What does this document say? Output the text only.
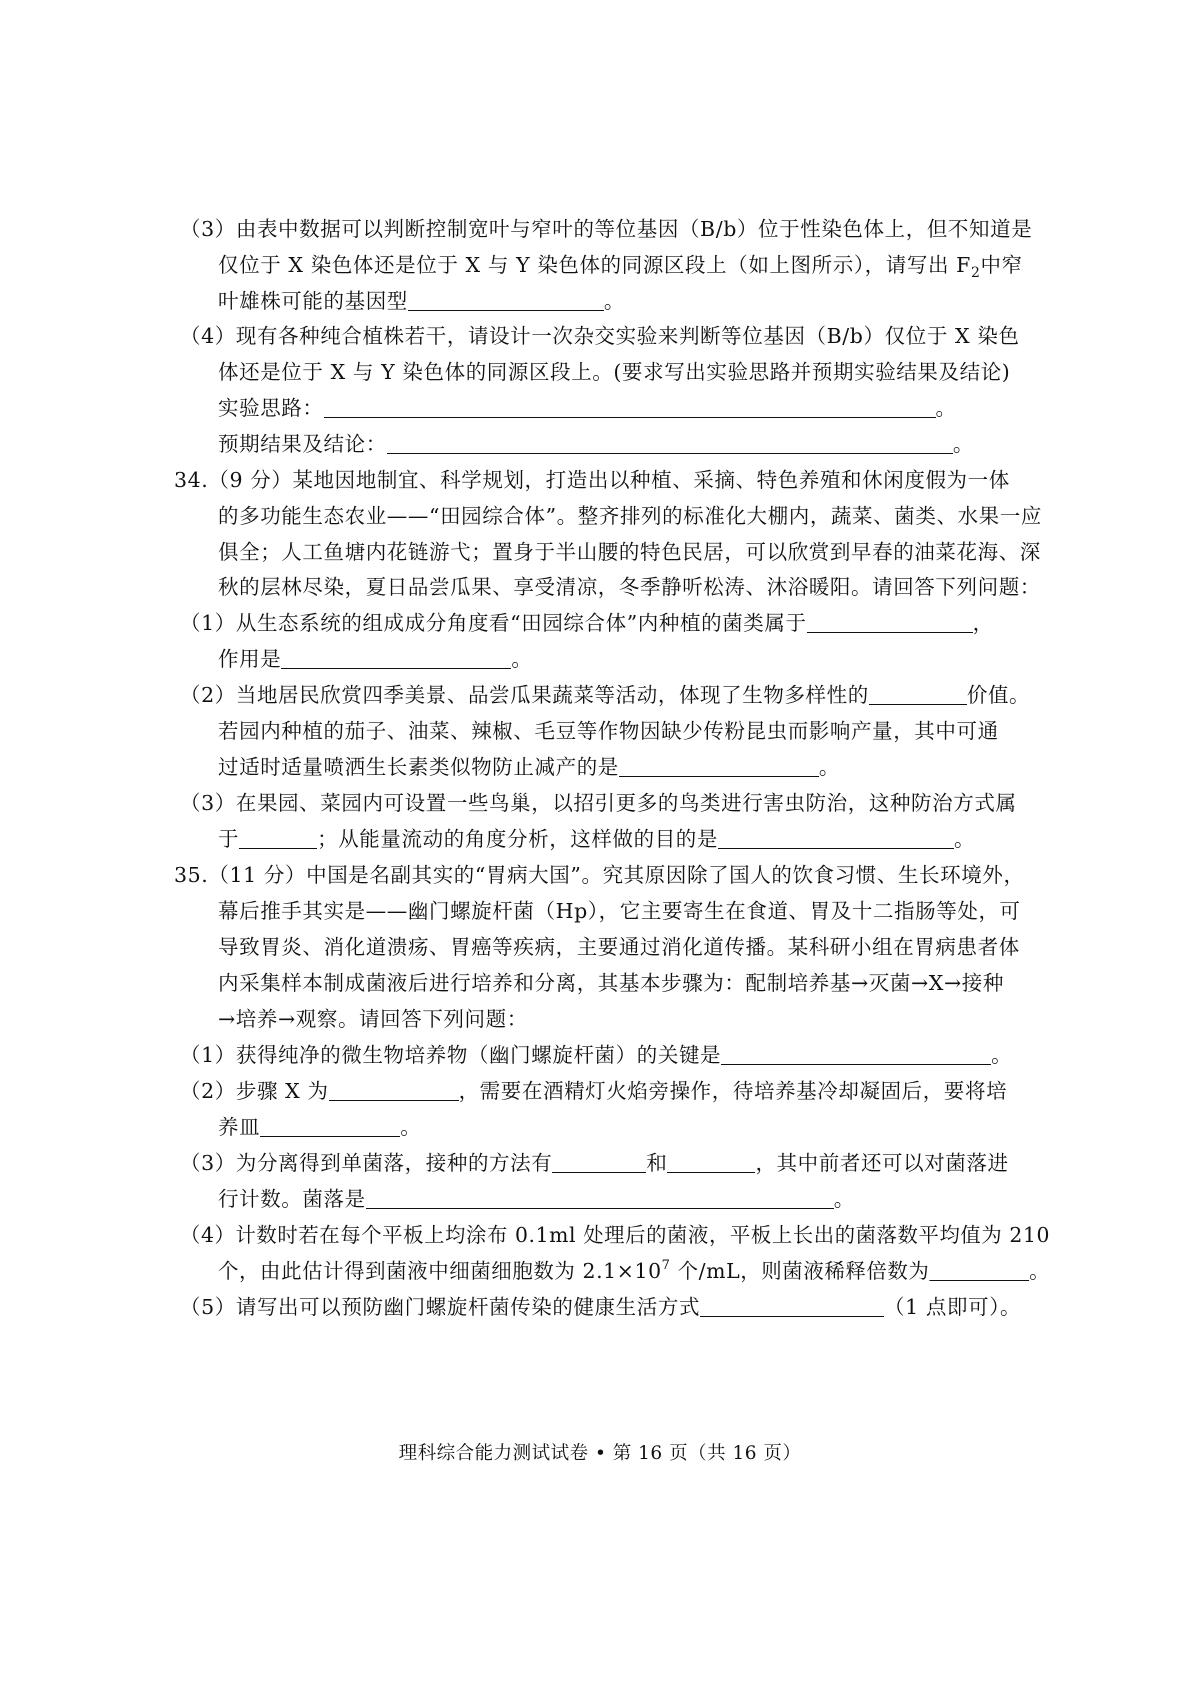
（3）由表中数据可以判断控制宽叶与窄叶的等位基因（B/b）位于性染色体上，但不知道是
仅位于 X 染色体还是位于 X 与 Y 染色体的同源区段上（如上图所示），请写出 $F_2$中窄
叶雄株可能的基因型	。
（4）现有各种纯合植株若干，请设计一次杂交实验来判断等位基因（B/b）仅位于 X 染色
体还是位于 X 与 Y 染色体的同源区段上。(要求写出实验思路并预期实验结果及结论)
实验思路：	。
预期结果及结论：	。
34.（9 分）某地因地制宜、科学规划，打造出以种植、采摘、特色养殖和休闲度假为一体
的多功能生态农业——“田园综合体”。整齐排列的标准化大棚内，蔬菜、菌类、水果一应
俱全；人工鱼塘内花链游弋；置身于半山腰的特色民居，可以欣赏到早春的油菜花海、深
秋的层林尽染，夏日品尝瓜果、享受清凉，冬季静听松涛、沐浴暖阳。请回答下列问题：
（1）从生态系统的组成成分角度看“田园综合体”内种植的菌类属于	，
作用是	。
（2）当地居民欣赏四季美景、品尝瓜果蔬菜等活动，体现了生物多样性的	价值。
若园内种植的茄子、油菜、辣椒、毛豆等作物因缺少传粉昆虫而影响产量，其中可通
过适时适量喷洒生长素类似物防止减产的是	。
（3）在果园、菜园内可设置一些鸟巢，以招引更多的鸟类进行害虫防治，这种防治方式属
于	；从能量流动的角度分析，这样做的目的是	。
35.（11 分）中国是名副其实的“胃病大国”。究其原因除了国人的饮食习惯、生长环境外，
幕后推手其实是——幽门螺旋杆菌（Hp），它主要寄生在食道、胃及十二指肠等处，可
导致胃炎、消化道溃疡、胃癌等疾病，主要通过消化道传播。某科研小组在胃病患者体
内采集样本制成菌液后进行培养和分离，其基本步骤为：配制培养基→灭菌→X→接种
→培养→观察。请回答下列问题：
（1）获得纯净的微生物培养物（幽门螺旋杆菌）的关键是	。
（2）步骤 X 为	，需要在酒精灯火焰旁操作，待培养基冷却凝固后，要将培
养皿	。
（3）为分离得到单菌落，接种的方法有	和	，其中前者还可以对菌落进
行计数。菌落是	。
（4）计数时若在每个平板上均涂布 0.1ml 处理后的菌液，平板上长出的菌落数平均值为 210
个，由此估计得到菌液中细菌细胞数为 $2.1\times 10^7$ 个/mL，则菌液稀释倍数为	。
（5）请写出可以预防幽门螺旋杆菌传染的健康生活方式	（1 点即可）。
理科综合能力测试试卷 • 第 16 页（共 16 页）
